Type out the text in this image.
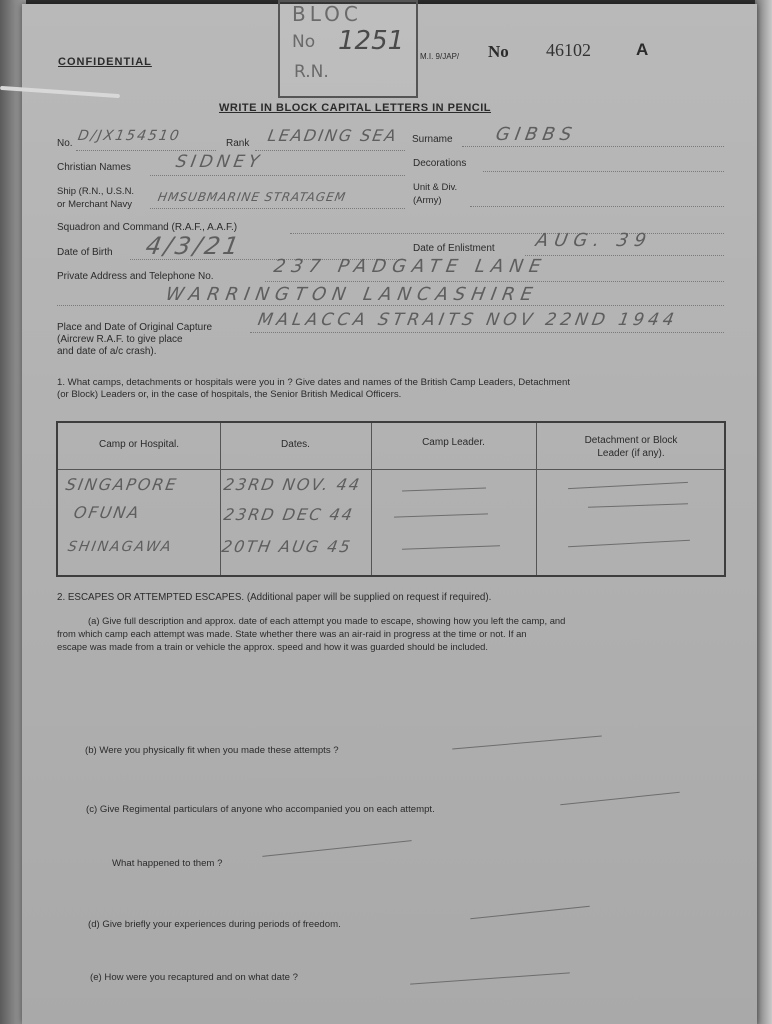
BLOC
No 1251
R.N.
CONFIDENTIAL	M.I. 9/JAP/ No 46102	A
WRITE IN BLOCK CAPITAL LETTERS IN PENCIL
No. D/JX154510	Rank LEADING SEA Surname GIBBS
Christian Names	SIDNEY	Decorations
Ship (R.N., U.S.N.
or Merchant Navy
HMSUBMARINE STRATAGEM
Unit & Div.
(Army)
Squadron and Command (R.A.F., A.A.F.)
Date of Birth 4/3/21	Date of Enlistment AUG. 39
Private Address and Telephone No.	237 PADGATE LANE
WARRINGTON LANCASHIRE
Place and Date of Original Capture
(Aircrew R.A.F. to give place
and date of a/c crash).
MALACCA STRAITS NOV 22ND 1944
1. What camps, detachments or hospitals were you in ? Give dates and names of the British Camp Leaders, Detachment
(or Block) Leaders or, in the case of hospitals, the Senior British Medical Officers.
Camp or Hospital.	Dates.	Camp Leader.	Detachment or Block
Leader (if any).
SINGAPORE	23RD NOV. 44
OFUNA	23RD DEC 44
SHINAGAWA	20TH AUG 45
2. ESCAPES OR ATTEMPTED ESCAPES. (Additional paper will be supplied on request if required).
(a) Give full description and approx. date of each attempt you made to escape, showing how you left the camp, and
from which camp each attempt was made. State whether there was an air-raid in progress at the time or not. If an
escape was made from a train or vehicle the approx. speed and how it was guarded should be included.
(b) Were you physically fit when you made these attempts ?
(c) Give Regimental particulars of anyone who accompanied you on each attempt.
What happened to them ?
(d) Give briefly your experiences during periods of freedom.
(e) How were you recaptured and on what date ?
